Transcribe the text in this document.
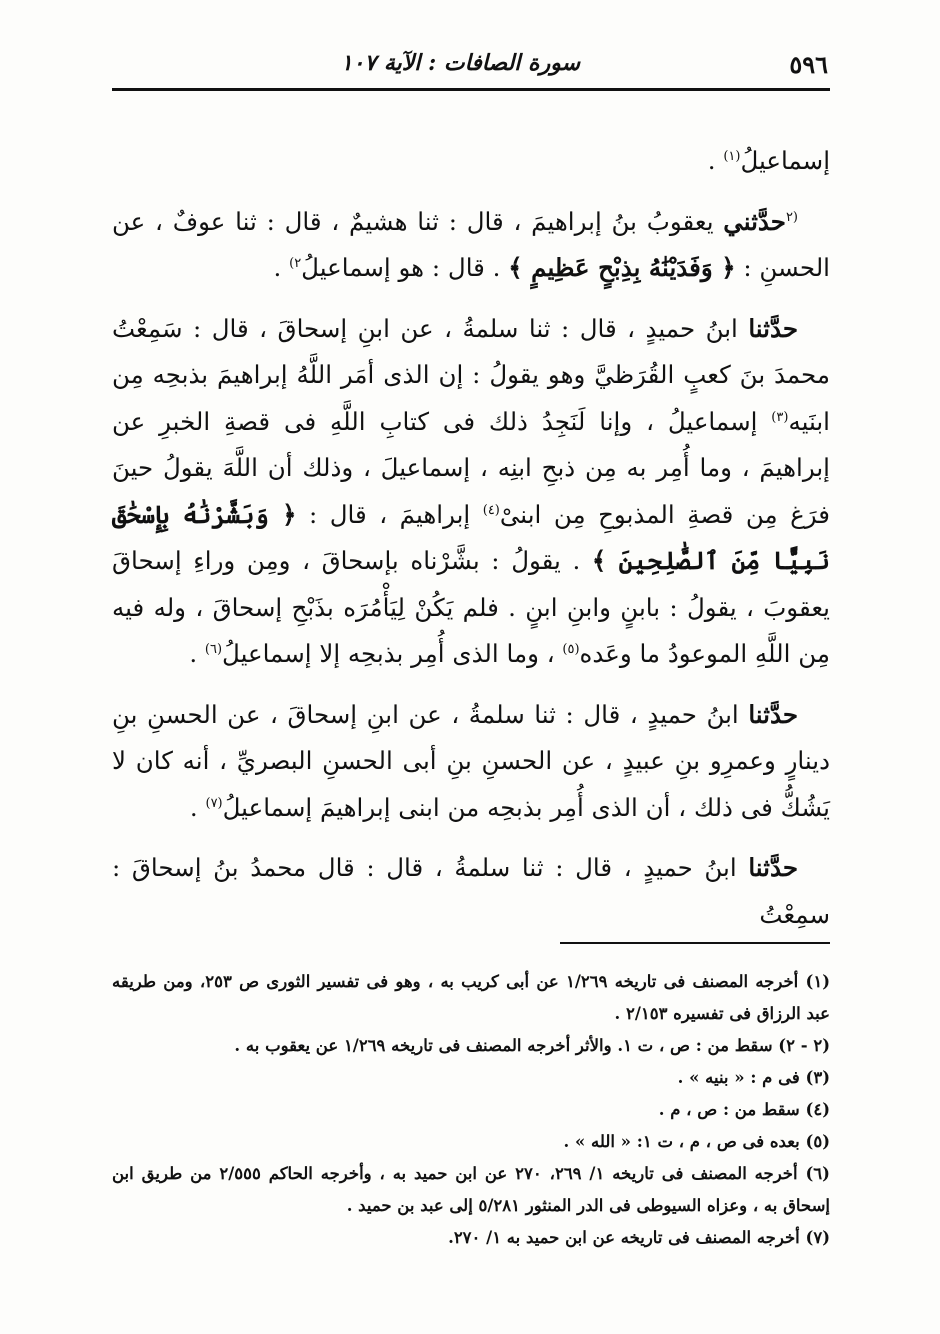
٥٩٦
سورة الصافات : الآية ١٠٧

إسماعيلُ$^{(١)}$ .

$^{(٢}$حدَّثني يعقوبُ بنُ إبراهيمَ ، قال : ثنا هشيمٌ ، قال : ثنا عوفٌ ، عن الحسنِ : ﴿ وَفَدَيْنَٰهُ بِذِبْحٍ عَظِيمٍ ﴾ . قال : هو إسماعيلُ$^{٢)}$ .

حدَّثنا ابنُ حميدٍ ، قال : ثنا سلمةُ ، عن ابنِ إسحاقَ ، قال : سَمِعْتُ محمدَ بنَ كعبٍ القُرَظيَّ وهو يقولُ : إن الذى أمَر اللَّهُ إبراهيمَ بذبحِه مِن ابنَيه$^{(٣)}$ إسماعيلُ ، وإنا لَنَجِدُ ذلك فى كتابِ اللَّهِ فى قصةِ الخبرِ عن إبراهيمَ ، وما أُمِر به مِن ذبحِ ابنِه ، إسماعيلَ ، وذلك أن اللَّهَ يقولُ حينَ فرَغ مِن قصةِ المذبوحِ مِن ابنىْ$^{(٤)}$ إبراهيمَ ، قال : ﴿ وَبَشَّرْنَٰهُ بِإِسْحَٰقَ نَبِيًّا مِّنَ ٱلصَّٰلِحِينَ ﴾ . يقولُ : بشَّرْناه بإسحاقَ ، ومِن وراءِ إسحاقَ يعقوبَ ، يقولُ : بابنٍ وابنِ ابنٍ . فلم يَكُنْ لِيَأْمُرَه بذَبْحِ إسحاقَ ، وله فيه مِن اللَّهِ الموعودُ ما وعَده$^{(٥)}$ ، وما الذى أُمِر بذبحِه إلا إسماعيلُ$^{(٦)}$ .

حدَّثنا ابنُ حميدٍ ، قال : ثنا سلمةُ ، عن ابنِ إسحاقَ ، عن الحسنِ بنِ دينارٍ وعمرِو بنِ عبيدٍ ، عن الحسنِ بنِ أبى الحسنِ البصريِّ ، أنه كان لا يَشُكُّ فى ذلك ، أن الذى أُمِر بذبحِه من ابنى إبراهيمَ إسماعيلُ$^{(٧)}$ .

حدَّثنا ابنُ حميدٍ ، قال : ثنا سلمةُ ، قال : قال محمدُ بنُ إسحاقَ : سمِعْتُ

(١) أخرجه المصنف فى تاريخه ١/٢٦٩ عن أبى كريب به ، وهو فى تفسير الثورى ص ٢٥٣، ومن طريقه عبد الرزاق فى تفسيره ٢/١٥٣ .
(٢ - ٢) سقط من : ص ، ت ١. والأثر أخرجه المصنف فى تاريخه ١/٢٦٩ عن يعقوب به .
(٣) فى م : « بنيه » .
(٤) سقط من : ص ، م .
(٥) بعده فى ص ، م ، ت ١: « الله » .
(٦) أخرجه المصنف فى تاريخه ١/ ٢٦٩، ٢٧٠ عن ابن حميد به ، وأخرجه الحاكم ٢/٥٥٥ من طريق ابن إسحاق به ، وعزاه السيوطى فى الدر المنثور ٥/٢٨١ إلى عبد بن حميد .
(٧) أخرجه المصنف فى تاريخه عن ابن حميد به ١/ ٢٧٠.
